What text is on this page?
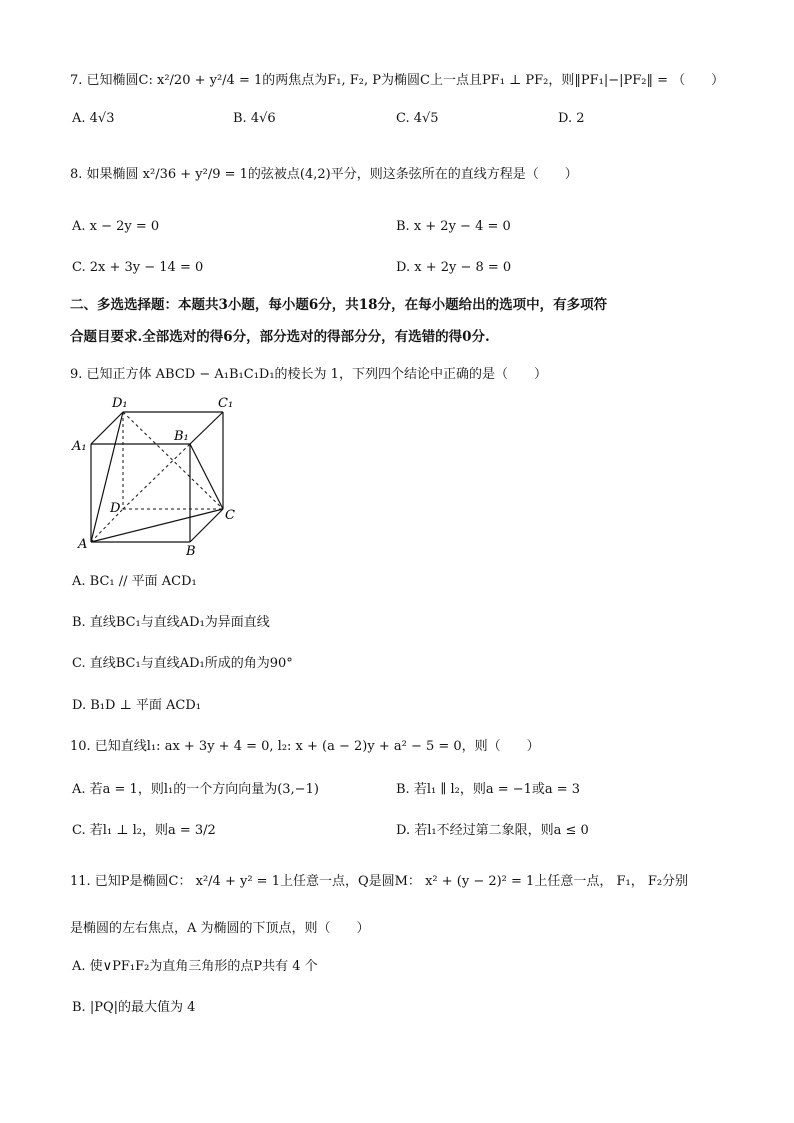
7. 已知椭圆C: x²/20 + y²/4 = 1的两焦点为F₁, F₂, P为椭圆C上一点且PF₁ ⊥ PF₂，则‖PF₁|−|PF₂‖ = （　　）
A. 4√3	B. 4√6	C. 4√5	D. 2
8. 如果椭圆 x²/36 + y²/9 = 1的弦被点(4,2)平分，则这条弦所在的直线方程是（　　）
A. x − 2y = 0	B. x + 2y − 4 = 0
C. 2x + 3y − 14 = 0	D. x + 2y − 8 = 0
二、多选选择题：本题共3小题，每小题6分，共18分，在每小题给出的选项中，有多项符
合题目要求.全部选对的得6分，部分选对的得部分分，有选错的得0分.
9. 已知正方体 ABCD − A₁B₁C₁D₁的棱长为 1，下列四个结论中正确的是（　　）
D₁	C₁
A₁
B₁
D	C
A	B
A. BC₁ // 平面 ACD₁
B. 直线BC₁与直线AD₁为异面直线
C. 直线BC₁与直线AD₁所成的角为90°
D. B₁D ⊥ 平面 ACD₁
10. 已知直线l₁: ax + 3y + 4 = 0, l₂: x + (a − 2)y + a² − 5 = 0，则（　　）
A. 若a = 1，则l₁的一个方向向量为(3,−1)	B. 若l₁ ∥ l₂，则a = −1或a = 3
C. 若l₁ ⊥ l₂，则a = 3/2	D. 若l₁不经过第二象限，则a ≤ 0
11. 已知P是椭圆C： x²/4 + y² = 1上任意一点，Q是圆M： x² + (y − 2)² = 1上任意一点， F₁， F₂分别
是椭圆的左右焦点，A 为椭圆的下顶点，则（　　）
A. 使∨PF₁F₂为直角三角形的点P共有 4 个
B. |PQ|的最大值为 4
